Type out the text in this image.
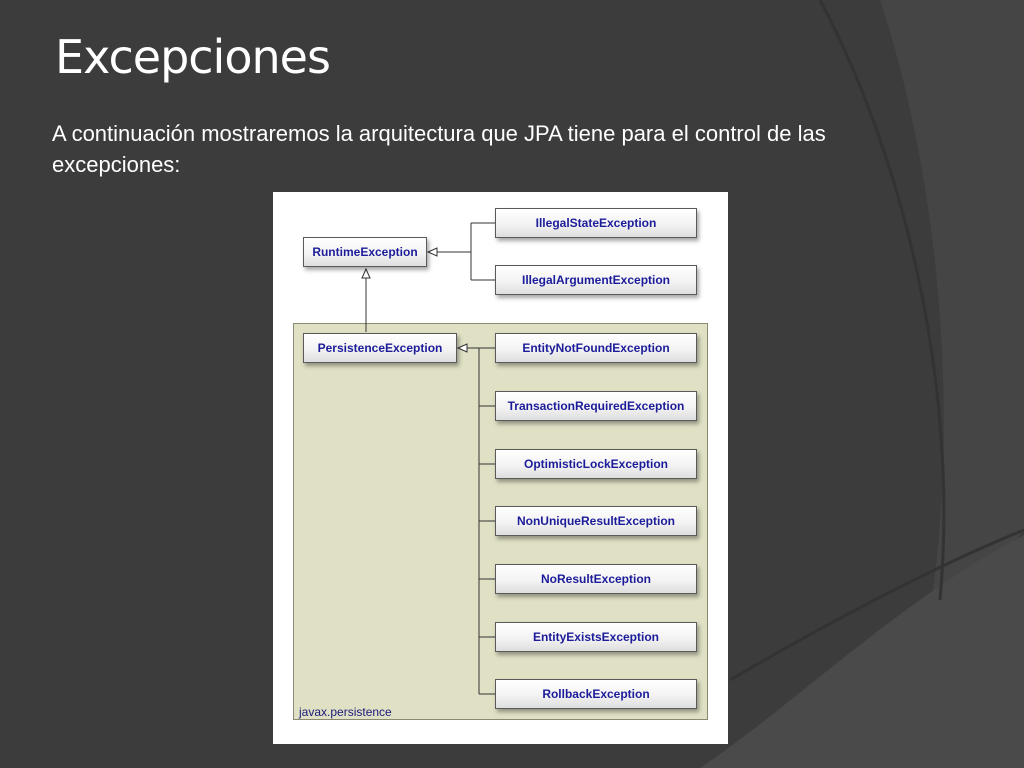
Excepciones

A continuación mostraremos la arquitectura que JPA tiene para el control de las excepciones:

javax.persistence
RuntimeException
IllegalStateException
IllegalArgumentException
PersistenceException	EntityNotFoundException
TransactionRequiredException
OptimisticLockException
NonUniqueResultException
NoResultException
EntityExistsException
RollbackException
